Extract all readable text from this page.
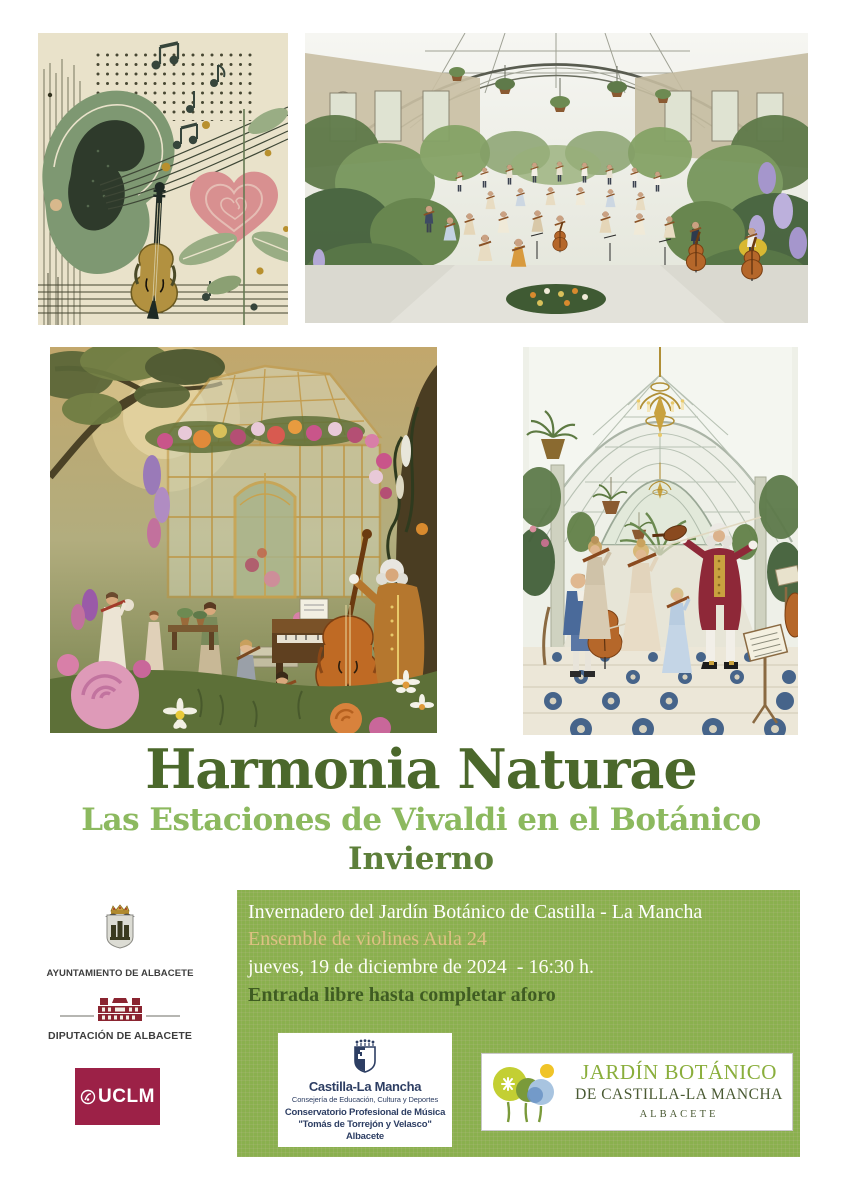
Harmonia Naturae
Las Estaciones de Vivaldi en el Botánico
Invierno
Invernadero del Jardín Botánico de Castilla - La Mancha
Ensemble de violines Aula 24
jueves, 19 de diciembre de 2024  - 16:30 h.
Entrada libre hasta completar aforo
Castilla-La Mancha
Consejería de Educación, Cultura y Deportes
Conservatorio Profesional de Música
"Tomás de Torrejón y Velasco"
Albacete
JARDÍN BOTÁNICO
DE CASTILLA-LA MANCHA
ALBACETE
AYUNTAMIENTO DE ALBACETE
DIPUTACIÓN DE ALBACETE
UCLM
